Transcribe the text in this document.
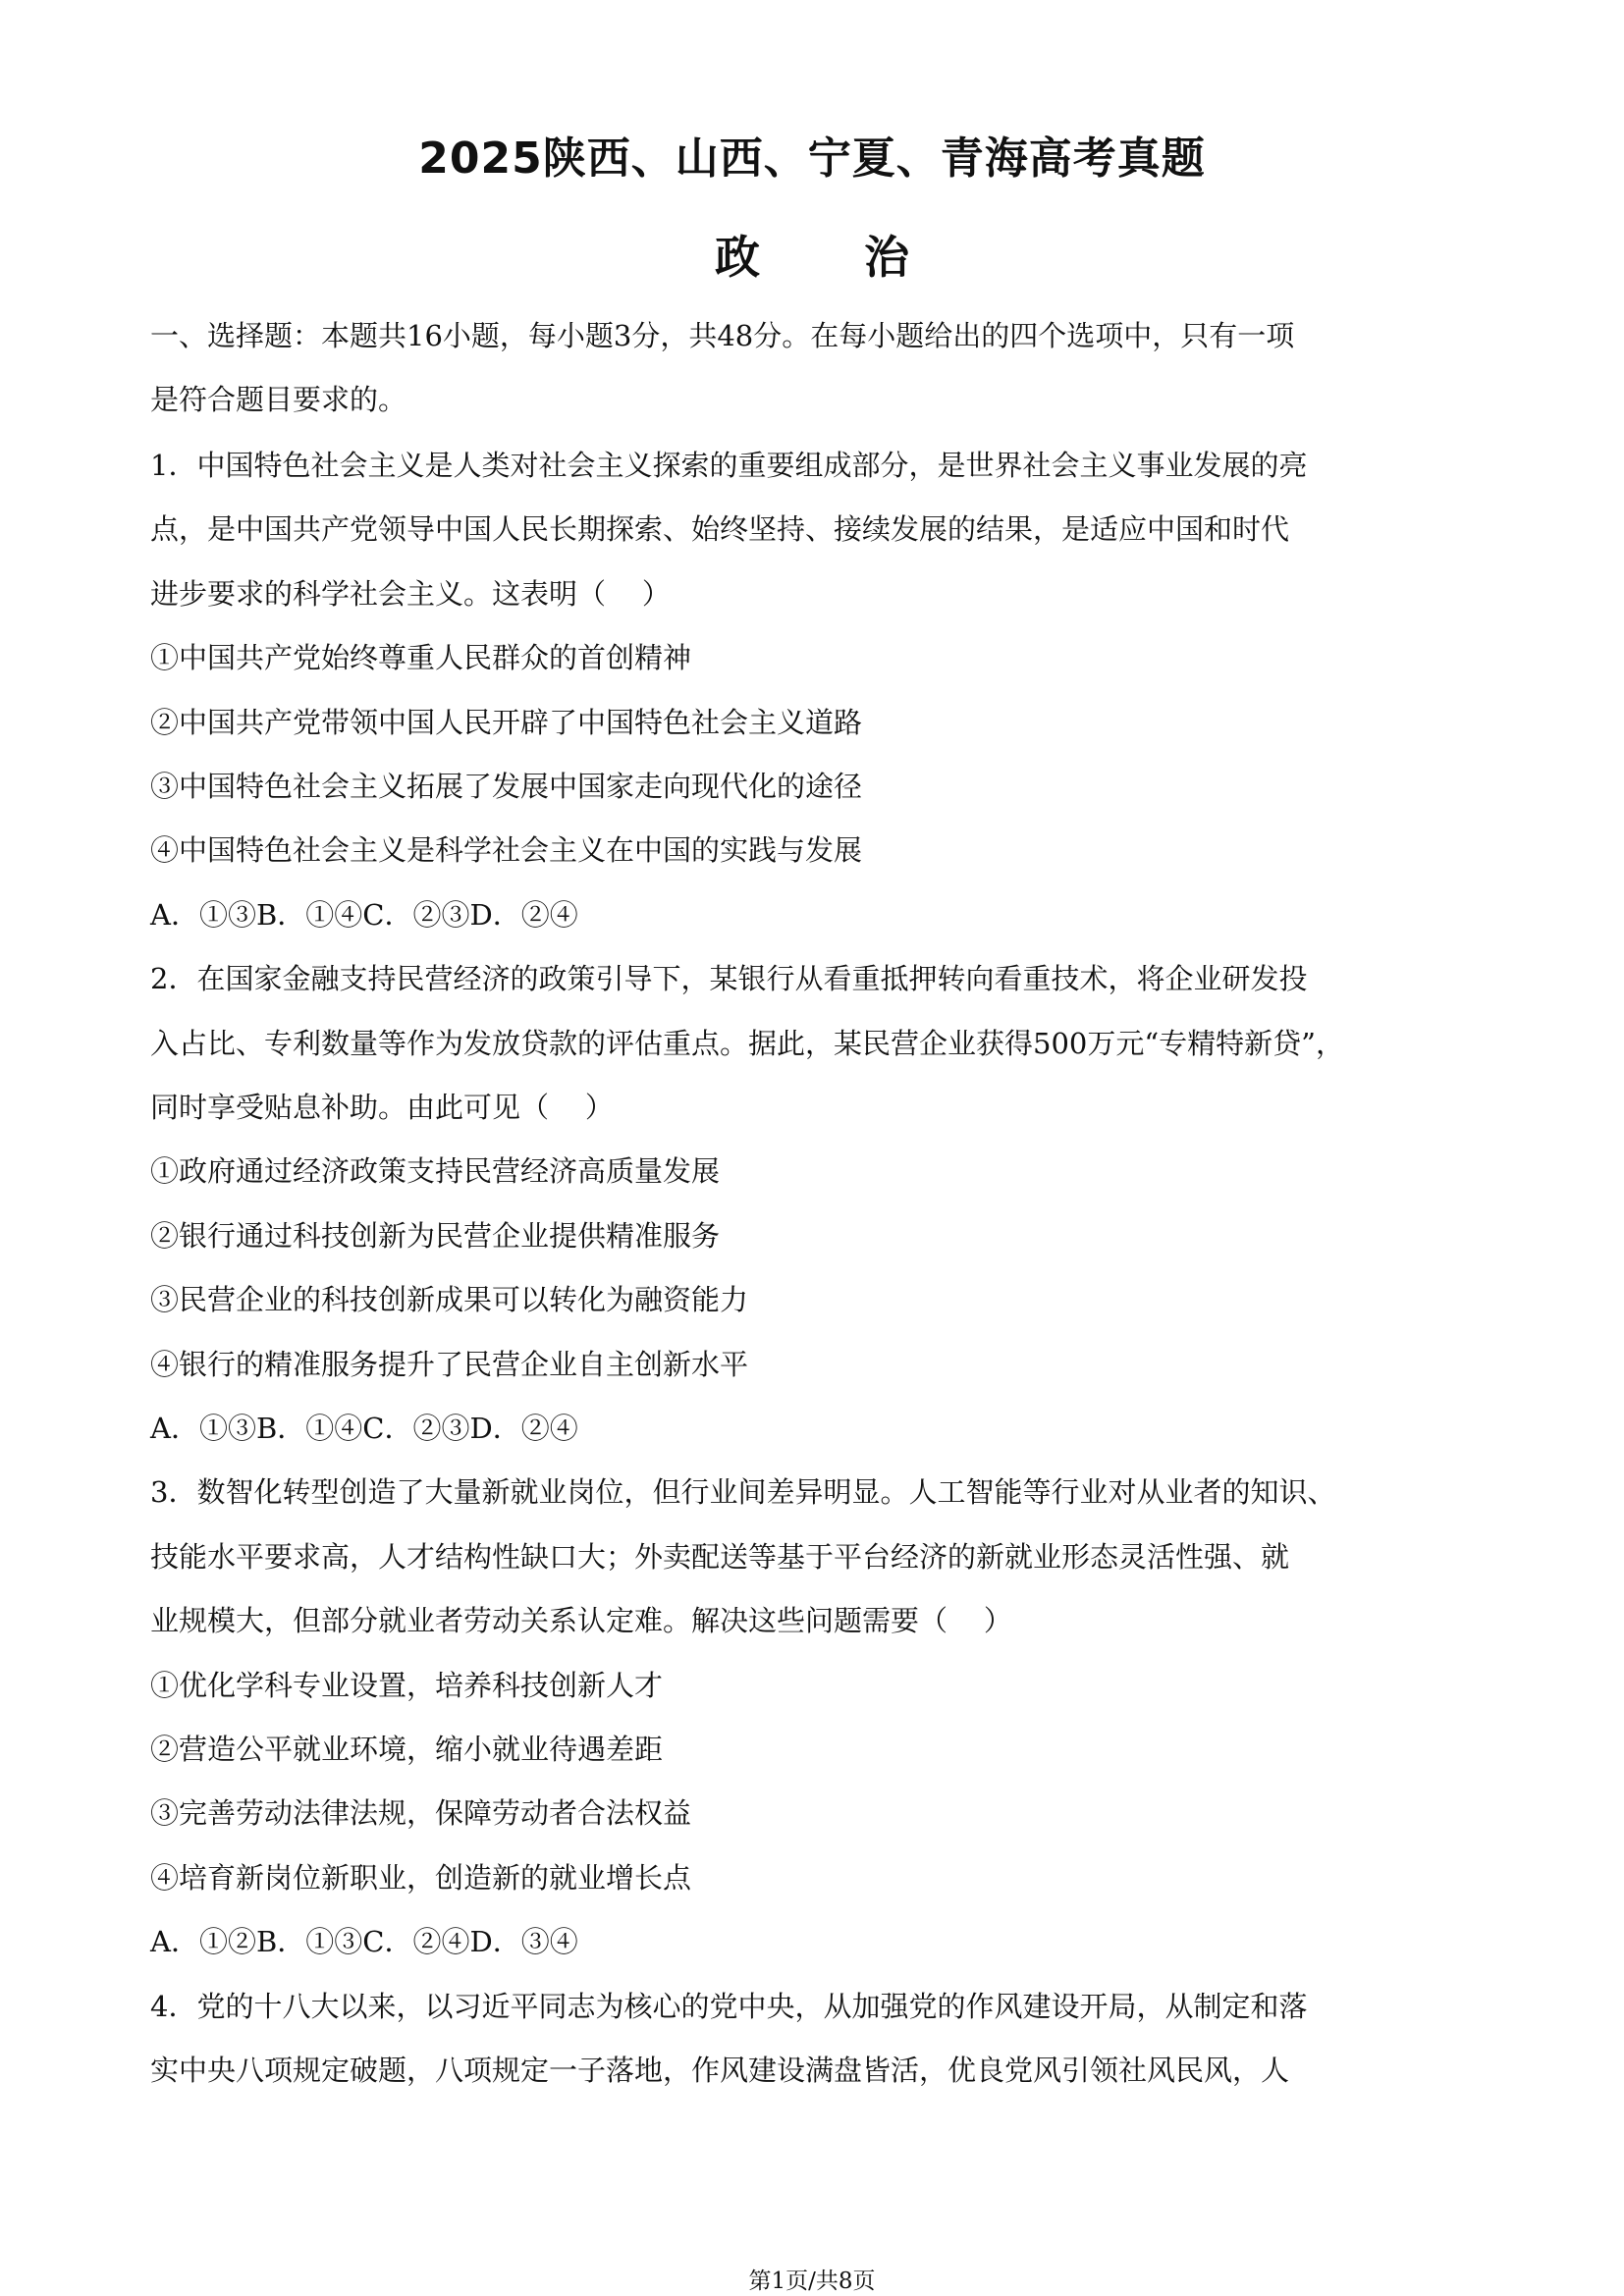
2025陕西、山西、宁夏、青海高考真题
政 治
一、选择题：本题共16小题，每小题3分，共48分。在每小题给出的四个选项中，只有一项
是符合题目要求的。
1．中国特色社会主义是人类对社会主义探索的重要组成部分，是世界社会主义事业发展的亮
点，是中国共产党领导中国人民长期探索、始终坚持、接续发展的结果，是适应中国和时代
进步要求的科学社会主义。这表明（    ）
①中国共产党始终尊重人民群众的首创精神
②中国共产党带领中国人民开辟了中国特色社会主义道路
③中国特色社会主义拓展了发展中国家走向现代化的途径
④中国特色社会主义是科学社会主义在中国的实践与发展
A．①③B．①④C．②③D．②④
2．在国家金融支持民营经济的政策引导下，某银行从看重抵押转向看重技术，将企业研发投
入占比、专利数量等作为发放贷款的评估重点。据此，某民营企业获得500万元“专精特新贷”，
同时享受贴息补助。由此可见（    ）
①政府通过经济政策支持民营经济高质量发展
②银行通过科技创新为民营企业提供精准服务
③民营企业的科技创新成果可以转化为融资能力
④银行的精准服务提升了民营企业自主创新水平
A．①③B．①④C．②③D．②④
3．数智化转型创造了大量新就业岗位，但行业间差异明显。人工智能等行业对从业者的知识、
技能水平要求高，人才结构性缺口大；外卖配送等基于平台经济的新就业形态灵活性强、就
业规模大，但部分就业者劳动关系认定难。解决这些问题需要（    ）
①优化学科专业设置，培养科技创新人才
②营造公平就业环境，缩小就业待遇差距
③完善劳动法律法规，保障劳动者合法权益
④培育新岗位新职业，创造新的就业增长点
A．①②B．①③C．②④D．③④
4．党的十八大以来，以习近平同志为核心的党中央，从加强党的作风建设开局，从制定和落
实中央八项规定破题，八项规定一子落地，作风建设满盘皆活，优良党风引领社风民风，人
第1页/共8页
